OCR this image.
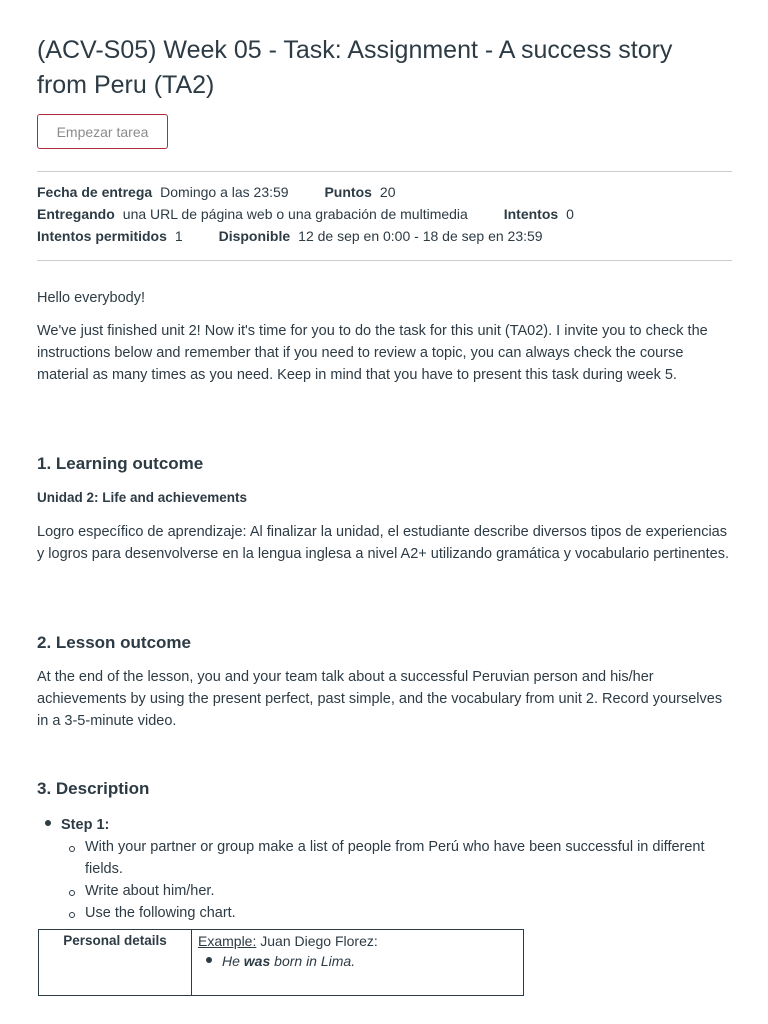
(ACV-S05) Week 05 - Task: Assignment - A success story from Peru (TA2)
Empezar tarea
Fecha de entrega Domingo a las 23:59	Puntos 20
Entregando una URL de página web o una grabación de multimedia	Intentos 0
Intentos permitidos 1	Disponible 12 de sep en 0:00 - 18 de sep en 23:59

Hello everybody!

We've just finished unit 2! Now it's time for you to do the task for this unit (TA02). I invite you to check the instructions below and remember that if you need to review a topic, you can always check the course material as many times as you need. Keep in mind that you have to present this task during week 5.

1. Learning outcome
Unidad 2: Life and achievements

Logro específico de aprendizaje: Al finalizar la unidad, el estudiante describe diversos tipos de experiencias y logros para desenvolverse en la lengua inglesa a nivel A2+ utilizando gramática y vocabulario pertinentes.

2. Lesson outcome

At the end of the lesson, you and your team talk about a successful Peruvian person and his/her achievements by using the present perfect, past simple, and the vocabulary from unit 2. Record yourselves in a 3-5-minute video.

3. Description
Step 1:
With your partner or group make a list of people from Perú who have been successful in different fields.
Write about him/her.
Use the following chart.
Personal details	Example: Juan Diego Florez:
He was born in Lima.
